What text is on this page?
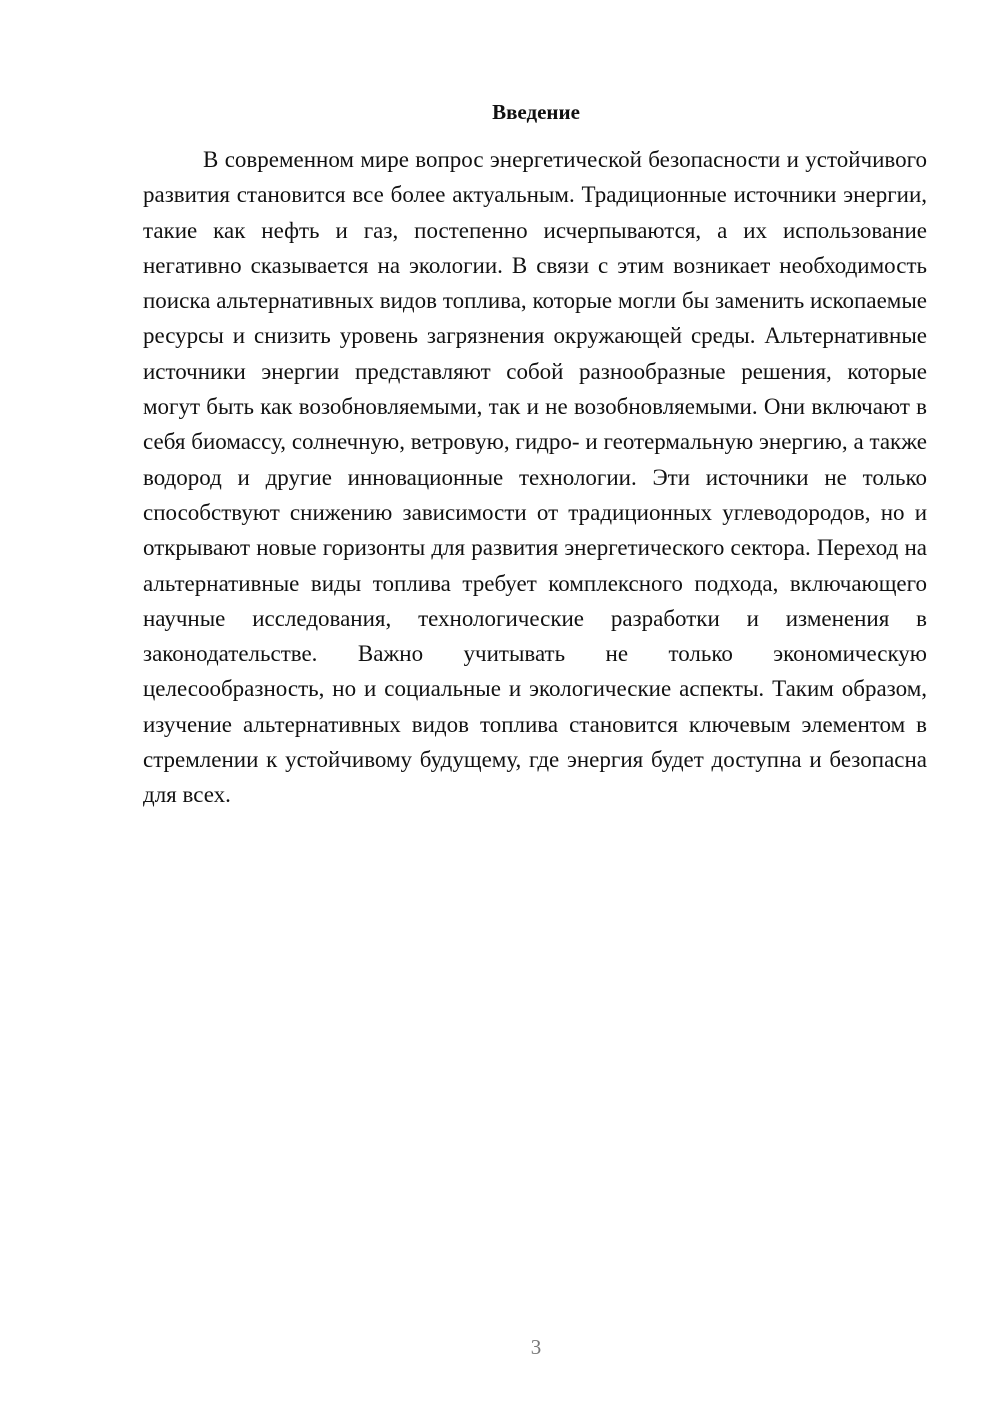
Введение

В современном мире вопрос энергетической безопасности и устойчивого развития становится все более актуальным. Традиционные источники энергии, такие как нефть и газ, постепенно исчерпываются, а их использование негативно сказывается на экологии. В связи с этим возникает необходимость поиска альтернативных видов топлива, которые могли бы заменить ископаемые ресурсы и снизить уровень загрязнения окружающей среды. Альтернативные источники энергии представляют собой разнообразные решения, которые могут быть как возобновляемыми, так и не возобновляемыми. Они включают в себя биомассу, солнечную, ветровую, гидро- и геотермальную энергию, а также водород и другие инновационные технологии. Эти источники не только способствуют снижению зависимости от традиционных углеводородов, но и открывают новые горизонты для развития энергетического сектора. Переход на альтернативные виды топлива требует комплексного подхода, включающего научные исследования, технологические разработки и изменения в законодательстве. Важно учитывать не только экономическую целесообразность, но и социальные и экологические аспекты. Таким образом, изучение альтернативных видов топлива становится ключевым элементом в стремлении к устойчивому будущему, где энергия будет доступна и безопасна для всех.

3
